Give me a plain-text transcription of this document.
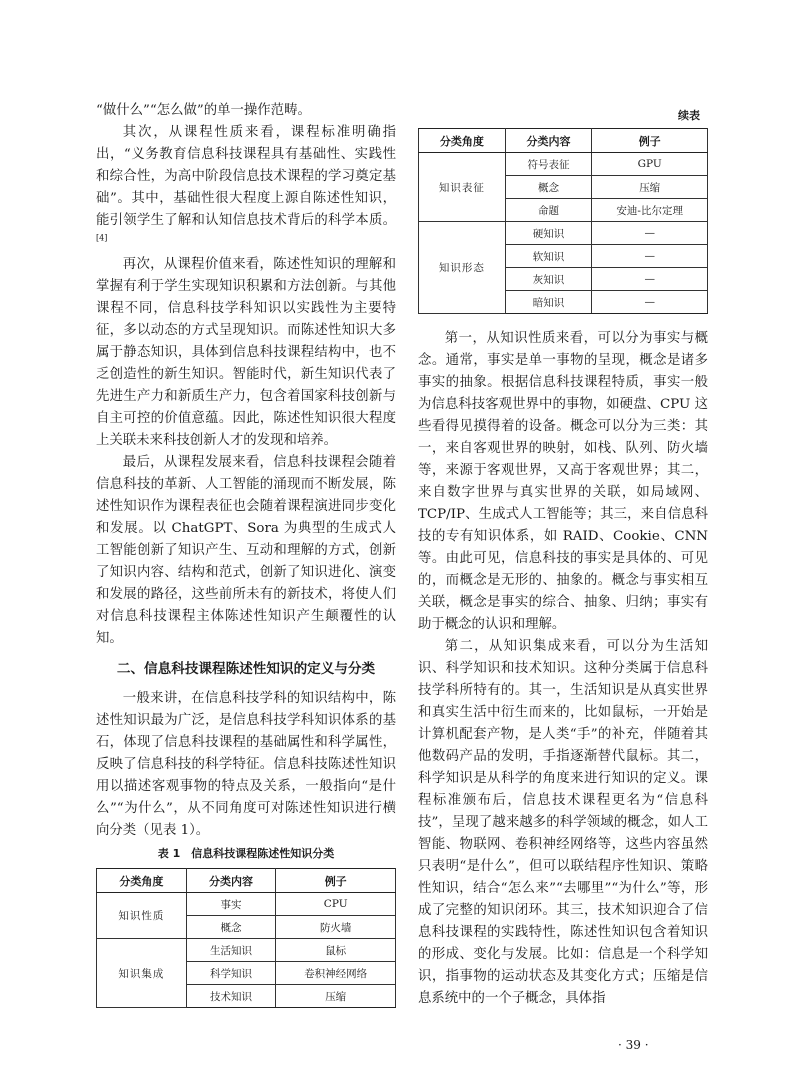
“做什么”“怎么做”的单一操作范畴。

其次，从课程性质来看，课程标准明确指出，“义务教育信息科技课程具有基础性、实践性和综合性，为高中阶段信息技术课程的学习奠定基础”。其中，基础性很大程度上源自陈述性知识，能引领学生了解和认知信息技术背后的科学本质。[4]

再次，从课程价值来看，陈述性知识的理解和掌握有利于学生实现知识积累和方法创新。与其他课程不同，信息科技学科知识以实践性为主要特征，多以动态的方式呈现知识。而陈述性知识大多属于静态知识，具体到信息科技课程结构中，也不乏创造性的新生知识。智能时代，新生知识代表了先进生产力和新质生产力，包含着国家科技创新与自主可控的价值意蕴。因此，陈述性知识很大程度上关联未来科技创新人才的发现和培养。

最后，从课程发展来看，信息科技课程会随着信息科技的革新、人工智能的涌现而不断发展，陈述性知识作为课程表征也会随着课程演进同步变化和发展。以 ChatGPT、Sora 为典型的生成式人工智能创新了知识产生、互动和理解的方式，创新了知识内容、结构和范式，创新了知识进化、演变和发展的路径，这些前所未有的新技术，将使人们对信息科技课程主体陈述性知识产生颠覆性的认知。

二、信息科技课程陈述性知识的定义与分类

一般来讲，在信息科技学科的知识结构中，陈述性知识最为广泛，是信息科技学科知识体系的基石，体现了信息科技课程的基础属性和科学属性，反映了信息科技的科学特征。信息科技陈述性知识用以描述客观事物的特点及关系，一般指向“是什么”“为什么”，从不同角度可对陈述性知识进行横向分类（见表 1）。

表 1　信息科技课程陈述性知识分类
分类角度	分类内容	例子
知识性质	事实	CPU
	概念	防火墙
知识集成	生活知识	鼠标
	科学知识	卷积神经网络
	技术知识	压缩
续表
分类角度	分类内容	例子
知识表征	符号表征	GPU
	概念	压缩
	命题	安迪-比尔定理
知识形态	硬知识	—
	软知识	—
	灰知识	—
	暗知识	—

第一，从知识性质来看，可以分为事实与概念。通常，事实是单一事物的呈现，概念是诸多事实的抽象。根据信息科技课程特质，事实一般为信息科技客观世界中的事物，如硬盘、CPU 这些看得见摸得着的设备。概念可以分为三类：其一，来自客观世界的映射，如栈、队列、防火墙等，来源于客观世界，又高于客观世界；其二，来自数字世界与真实世界的关联，如局域网、TCP/IP、生成式人工智能等；其三，来自信息科技的专有知识体系，如 RAID、Cookie、CNN 等。由此可见，信息科技的事实是具体的、可见的，而概念是无形的、抽象的。概念与事实相互关联，概念是事实的综合、抽象、归纳；事实有助于概念的认识和理解。

第二，从知识集成来看，可以分为生活知识、科学知识和技术知识。这种分类属于信息科技学科所特有的。其一，生活知识是从真实世界和真实生活中衍生而来的，比如鼠标，一开始是计算机配套产物，是人类“手”的补充，伴随着其他数码产品的发明，手指逐渐替代鼠标。其二，科学知识是从科学的角度来进行知识的定义。课程标准颁布后，信息技术课程更名为“信息科技”，呈现了越来越多的科学领域的概念，如人工智能、物联网、卷积神经网络等，这些内容虽然只表明“是什么”，但可以联结程序性知识、策略性知识，结合“怎么来”“去哪里”“为什么”等，形成了完整的知识闭环。其三，技术知识迎合了信息科技课程的实践特性，陈述性知识包含着知识的形成、变化与发展。比如：信息是一个科学知识，指事物的运动状态及其变化方式；压缩是信息系统中的一个子概念，具体指

· 39 ·
